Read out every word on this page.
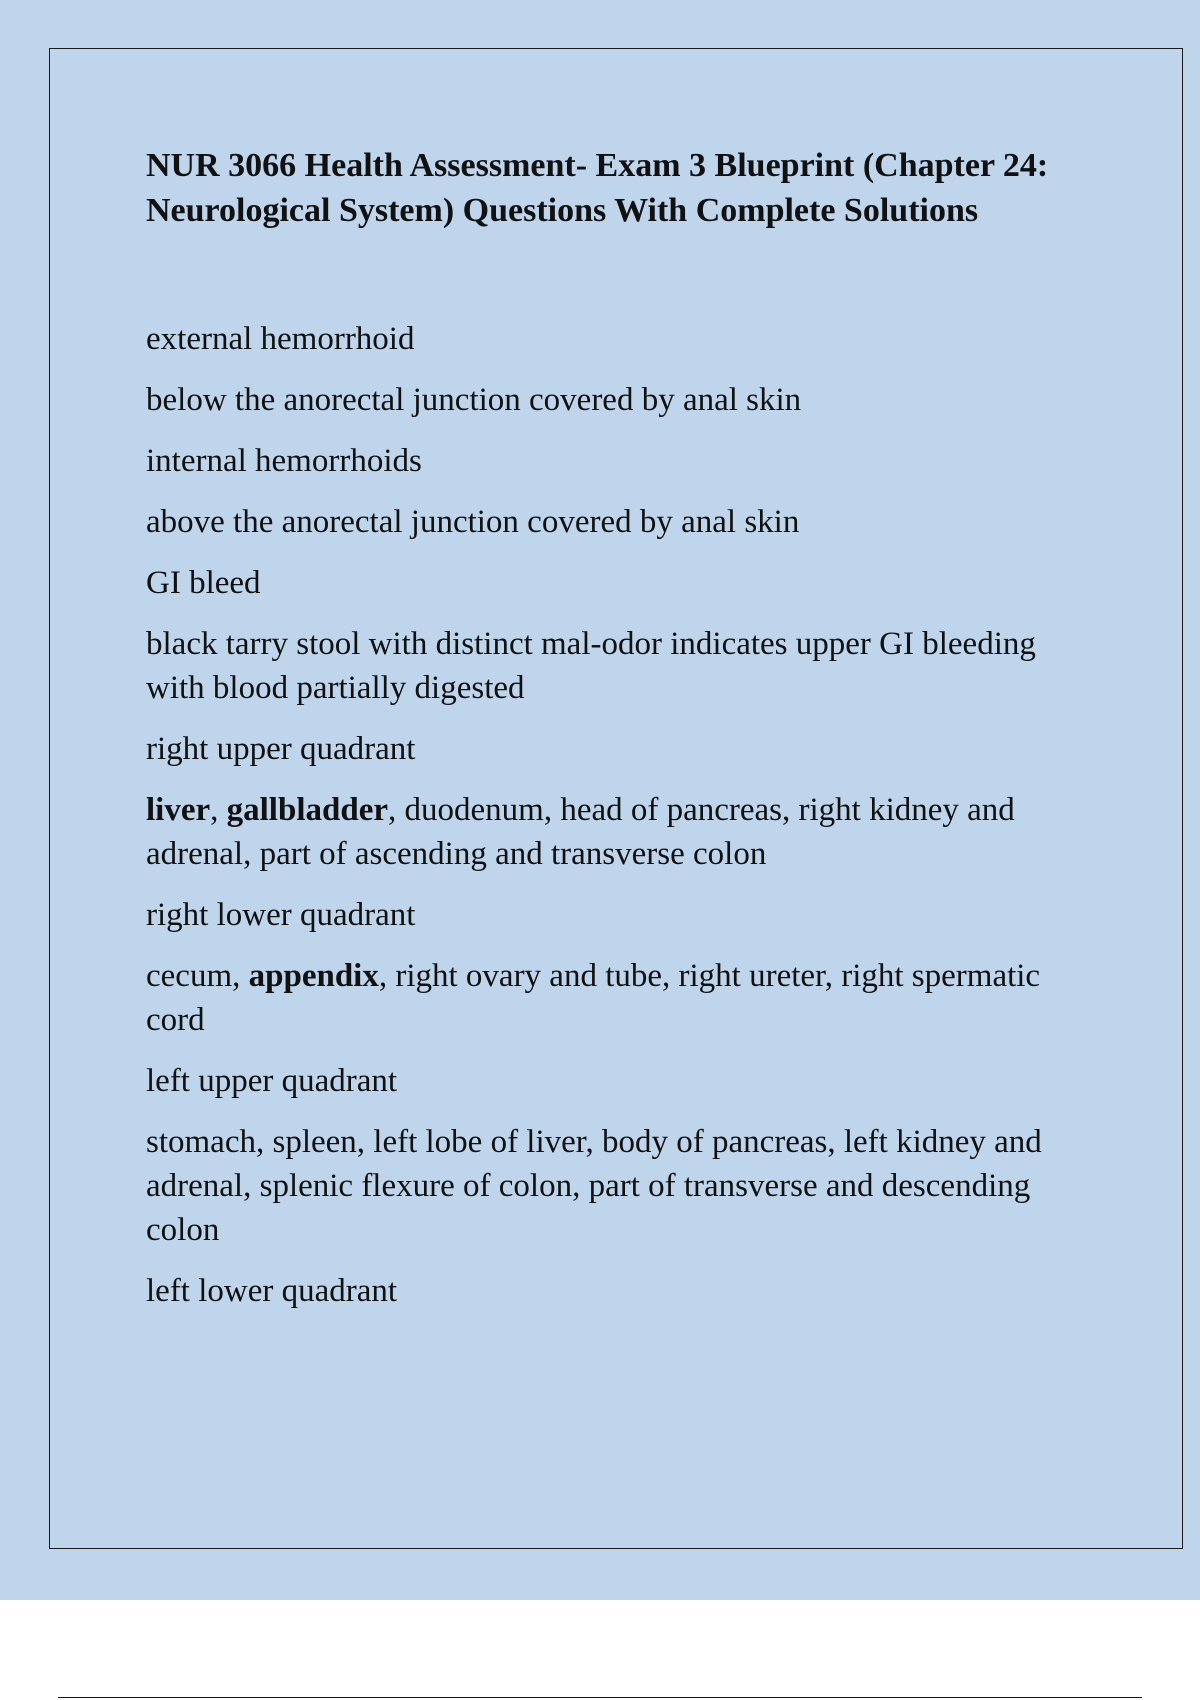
NUR 3066 Health Assessment- Exam 3 Blueprint (Chapter 24: Neurological System) Questions With Complete Solutions

external hemorrhoid

below the anorectal junction covered by anal skin

internal hemorrhoids

above the anorectal junction covered by anal skin

GI bleed

black tarry stool with distinct mal-odor indicates upper GI bleeding with blood partially digested

right upper quadrant

liver, gallbladder, duodenum, head of pancreas, right kidney and adrenal, part of ascending and transverse colon

right lower quadrant

cecum, appendix, right ovary and tube, right ureter, right spermatic cord

left upper quadrant

stomach, spleen, left lobe of liver, body of pancreas, left kidney and adrenal, splenic flexure of colon, part of transverse and descending colon

left lower quadrant
